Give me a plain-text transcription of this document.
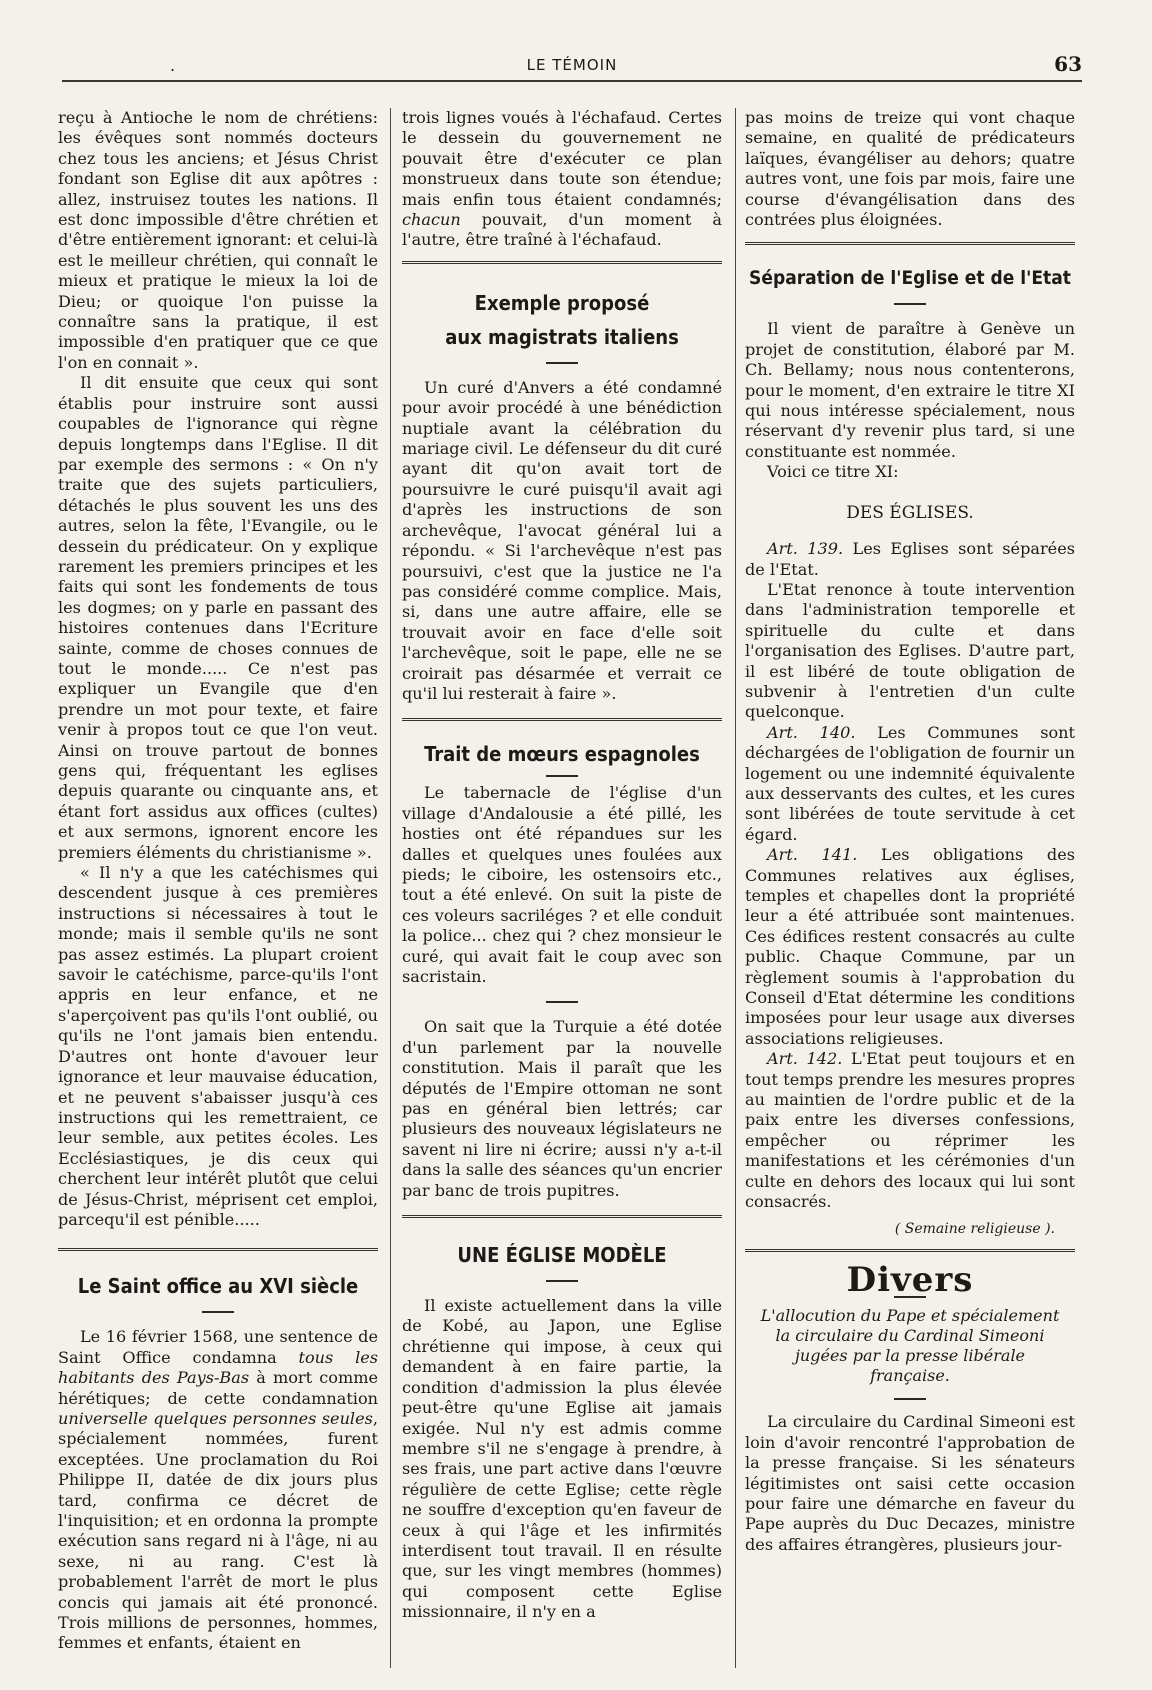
.	LE TÉMOIN	63

reçu à Antioche le nom de chrétiens: les évêques sont nommés docteurs chez tous les anciens; et Jésus Christ fondant son Eglise dit aux apôtres : allez, instruisez toutes les nations. Il est donc impossible d'être chrétien et d'être entièrement ignorant: et celui-là est le meilleur chrétien, qui connaît le mieux et pratique le mieux la loi de Dieu; or quoique l'on puisse la connaître sans la pratique, il est impossible d'en pratiquer que ce que l'on en connait ».

Il dit ensuite que ceux qui sont établis pour instruire sont aussi coupables de l'ignorance qui règne depuis longtemps dans l'Eglise. Il dit par exemple des sermons : « On n'y traite que des sujets particuliers, détachés le plus souvent les uns des autres, selon la fête, l'Evangile, ou le dessein du prédicateur. On y explique rarement les premiers principes et les faits qui sont les fondements de tous les dogmes; on y parle en passant des histoires contenues dans l'Ecriture sainte, comme de choses connues de tout le monde..... Ce n'est pas expliquer un Evangile que d'en prendre un mot pour texte, et faire venir à propos tout ce que l'on veut. Ainsi on trouve partout de bonnes gens qui, fréquentant les eglises depuis quarante ou cinquante ans, et étant fort assidus aux offices (cultes) et aux sermons, ignorent encore les premiers éléments du christianisme ».

« Il n'y a que les catéchismes qui descendent jusque à ces premières instructions si nécessaires à tout le monde; mais il semble qu'ils ne sont pas assez estimés. La plupart croient savoir le catéchisme, parce-qu'ils l'ont appris en leur enfance, et ne s'aperçoivent pas qu'ils l'ont oublié, ou qu'ils ne l'ont jamais bien entendu. D'autres ont honte d'avouer leur ignorance et leur mauvaise éducation, et ne peuvent s'abaisser jusqu'à ces instructions qui les remettraient, ce leur semble, aux petites écoles. Les Ecclésiastiques, je dis ceux qui cherchent leur intérêt plutôt que celui de Jésus-Christ, méprisent cet emploi, parcequ'il est pénible.....

Le Saint office au XVI siècle

Le 16 février 1568, une sentence de Saint Office condamna tous les habitants des Pays-Bas à mort comme hérétiques; de cette condamnation universelle quelques personnes seules, spécialement nommées, furent exceptées. Une proclamation du Roi Philippe II, datée de dix jours plus tard, confirma ce décret de l'inquisition; et en ordonna la prompte exécution sans regard ni à l'âge, ni au sexe, ni au rang. C'est là probablement l'arrêt de mort le plus concis qui jamais ait été prononcé. Trois millions de personnes, hommes, femmes et enfants, étaient en

trois lignes voués à l'échafaud. Certes le dessein du gouvernement ne pouvait être d'exécuter ce plan monstrueux dans toute son étendue; mais enfin tous étaient condamnés; chacun pouvait, d'un moment à l'autre, être traîné à l'échafaud.

Exemple proposé
aux magistrats italiens

Un curé d'Anvers a été condamné pour avoir procédé à une bénédiction nuptiale avant la célébration du mariage civil. Le défenseur du dit curé ayant dit qu'on avait tort de poursuivre le curé puisqu'il avait agi d'après les instructions de son archevêque, l'avocat général lui a répondu. « Si l'archevêque n'est pas poursuivi, c'est que la justice ne l'a pas considéré comme complice. Mais, si, dans une autre affaire, elle se trouvait avoir en face d'elle soit l'archevêque, soit le pape, elle ne se croirait pas désarmée et verrait ce qu'il lui resterait à faire ».

Trait de mœurs espagnoles

Le tabernacle de l'église d'un village d'Andalousie a été pillé, les hosties ont été répandues sur les dalles et quelques unes foulées aux pieds; le ciboire, les ostensoirs etc., tout a été enlevé. On suit la piste de ces voleurs sacriléges ? et elle conduit la police... chez qui ? chez monsieur le curé, qui avait fait le coup avec son sacristain.

On sait que la Turquie a été dotée d'un parlement par la nouvelle constitution. Mais il paraît que les députés de l'Empire ottoman ne sont pas en général bien lettrés; car plusieurs des nouveaux législateurs ne savent ni lire ni écrire; aussi n'y a-t-il dans la salle des séances qu'un encrier par banc de trois pupitres.

UNE ÉGLISE MODÈLE

Il existe actuellement dans la ville de Kobé, au Japon, une Eglise chrétienne qui impose, à ceux qui demandent à en faire partie, la condition d'admission la plus élevée peut-être qu'une Eglise ait jamais exigée. Nul n'y est admis comme membre s'il ne s'engage à prendre, à ses frais, une part active dans l'œuvre régulière de cette Eglise; cette règle ne souffre d'exception qu'en faveur de ceux à qui l'âge et les infirmités interdisent tout travail. Il en résulte que, sur les vingt membres (hommes) qui composent cette Eglise missionnaire, il n'y en a

pas moins de treize qui vont chaque semaine, en qualité de prédicateurs laïques, évangéliser au dehors; quatre autres vont, une fois par mois, faire une course d'évangélisation dans des contrées plus éloignées.

Séparation de l'Eglise et de l'Etat

Il vient de paraître à Genève un projet de constitution, élaboré par M. Ch. Bellamy; nous nous contenterons, pour le moment, d'en extraire le titre XI qui nous intéresse spécialement, nous réservant d'y revenir plus tard, si une constituante est nommée.

Voici ce titre XI:

DES ÉGLISES.

Art. 139. Les Eglises sont séparées de l'Etat.

L'Etat renonce à toute intervention dans l'administration temporelle et spirituelle du culte et dans l'organisation des Eglises. D'autre part, il est libéré de toute obligation de subvenir à l'entretien d'un culte quelconque.

Art. 140. Les Communes sont déchargées de l'obligation de fournir un logement ou une indemnité équivalente aux desservants des cultes, et les cures sont libérées de toute servitude à cet égard.

Art. 141. Les obligations des Communes relatives aux églises, temples et chapelles dont la propriété leur a été attribuée sont maintenues. Ces édifices restent consacrés au culte public. Chaque Commune, par un règlement soumis à l'approbation du Conseil d'Etat détermine les conditions imposées pour leur usage aux diverses associations religieuses.

Art. 142. L'Etat peut toujours et en tout temps prendre les mesures propres au maintien de l'ordre public et de la paix entre les diverses confessions, empêcher ou réprimer les manifestations et les cérémonies d'un culte en dehors des locaux qui lui sont consacrés.

( Semaine religieuse ).
Divers
L'allocution du Pape et spécialement la circulaire du Cardinal Simeoni jugées par la presse libérale française.

La circulaire du Cardinal Simeoni est loin d'avoir rencontré l'approbation de la presse française. Si les sénateurs légitimistes ont saisi cette occasion pour faire une démarche en faveur du Pape auprès du Duc Decazes, ministre des affaires étrangères, plusieurs jour-
